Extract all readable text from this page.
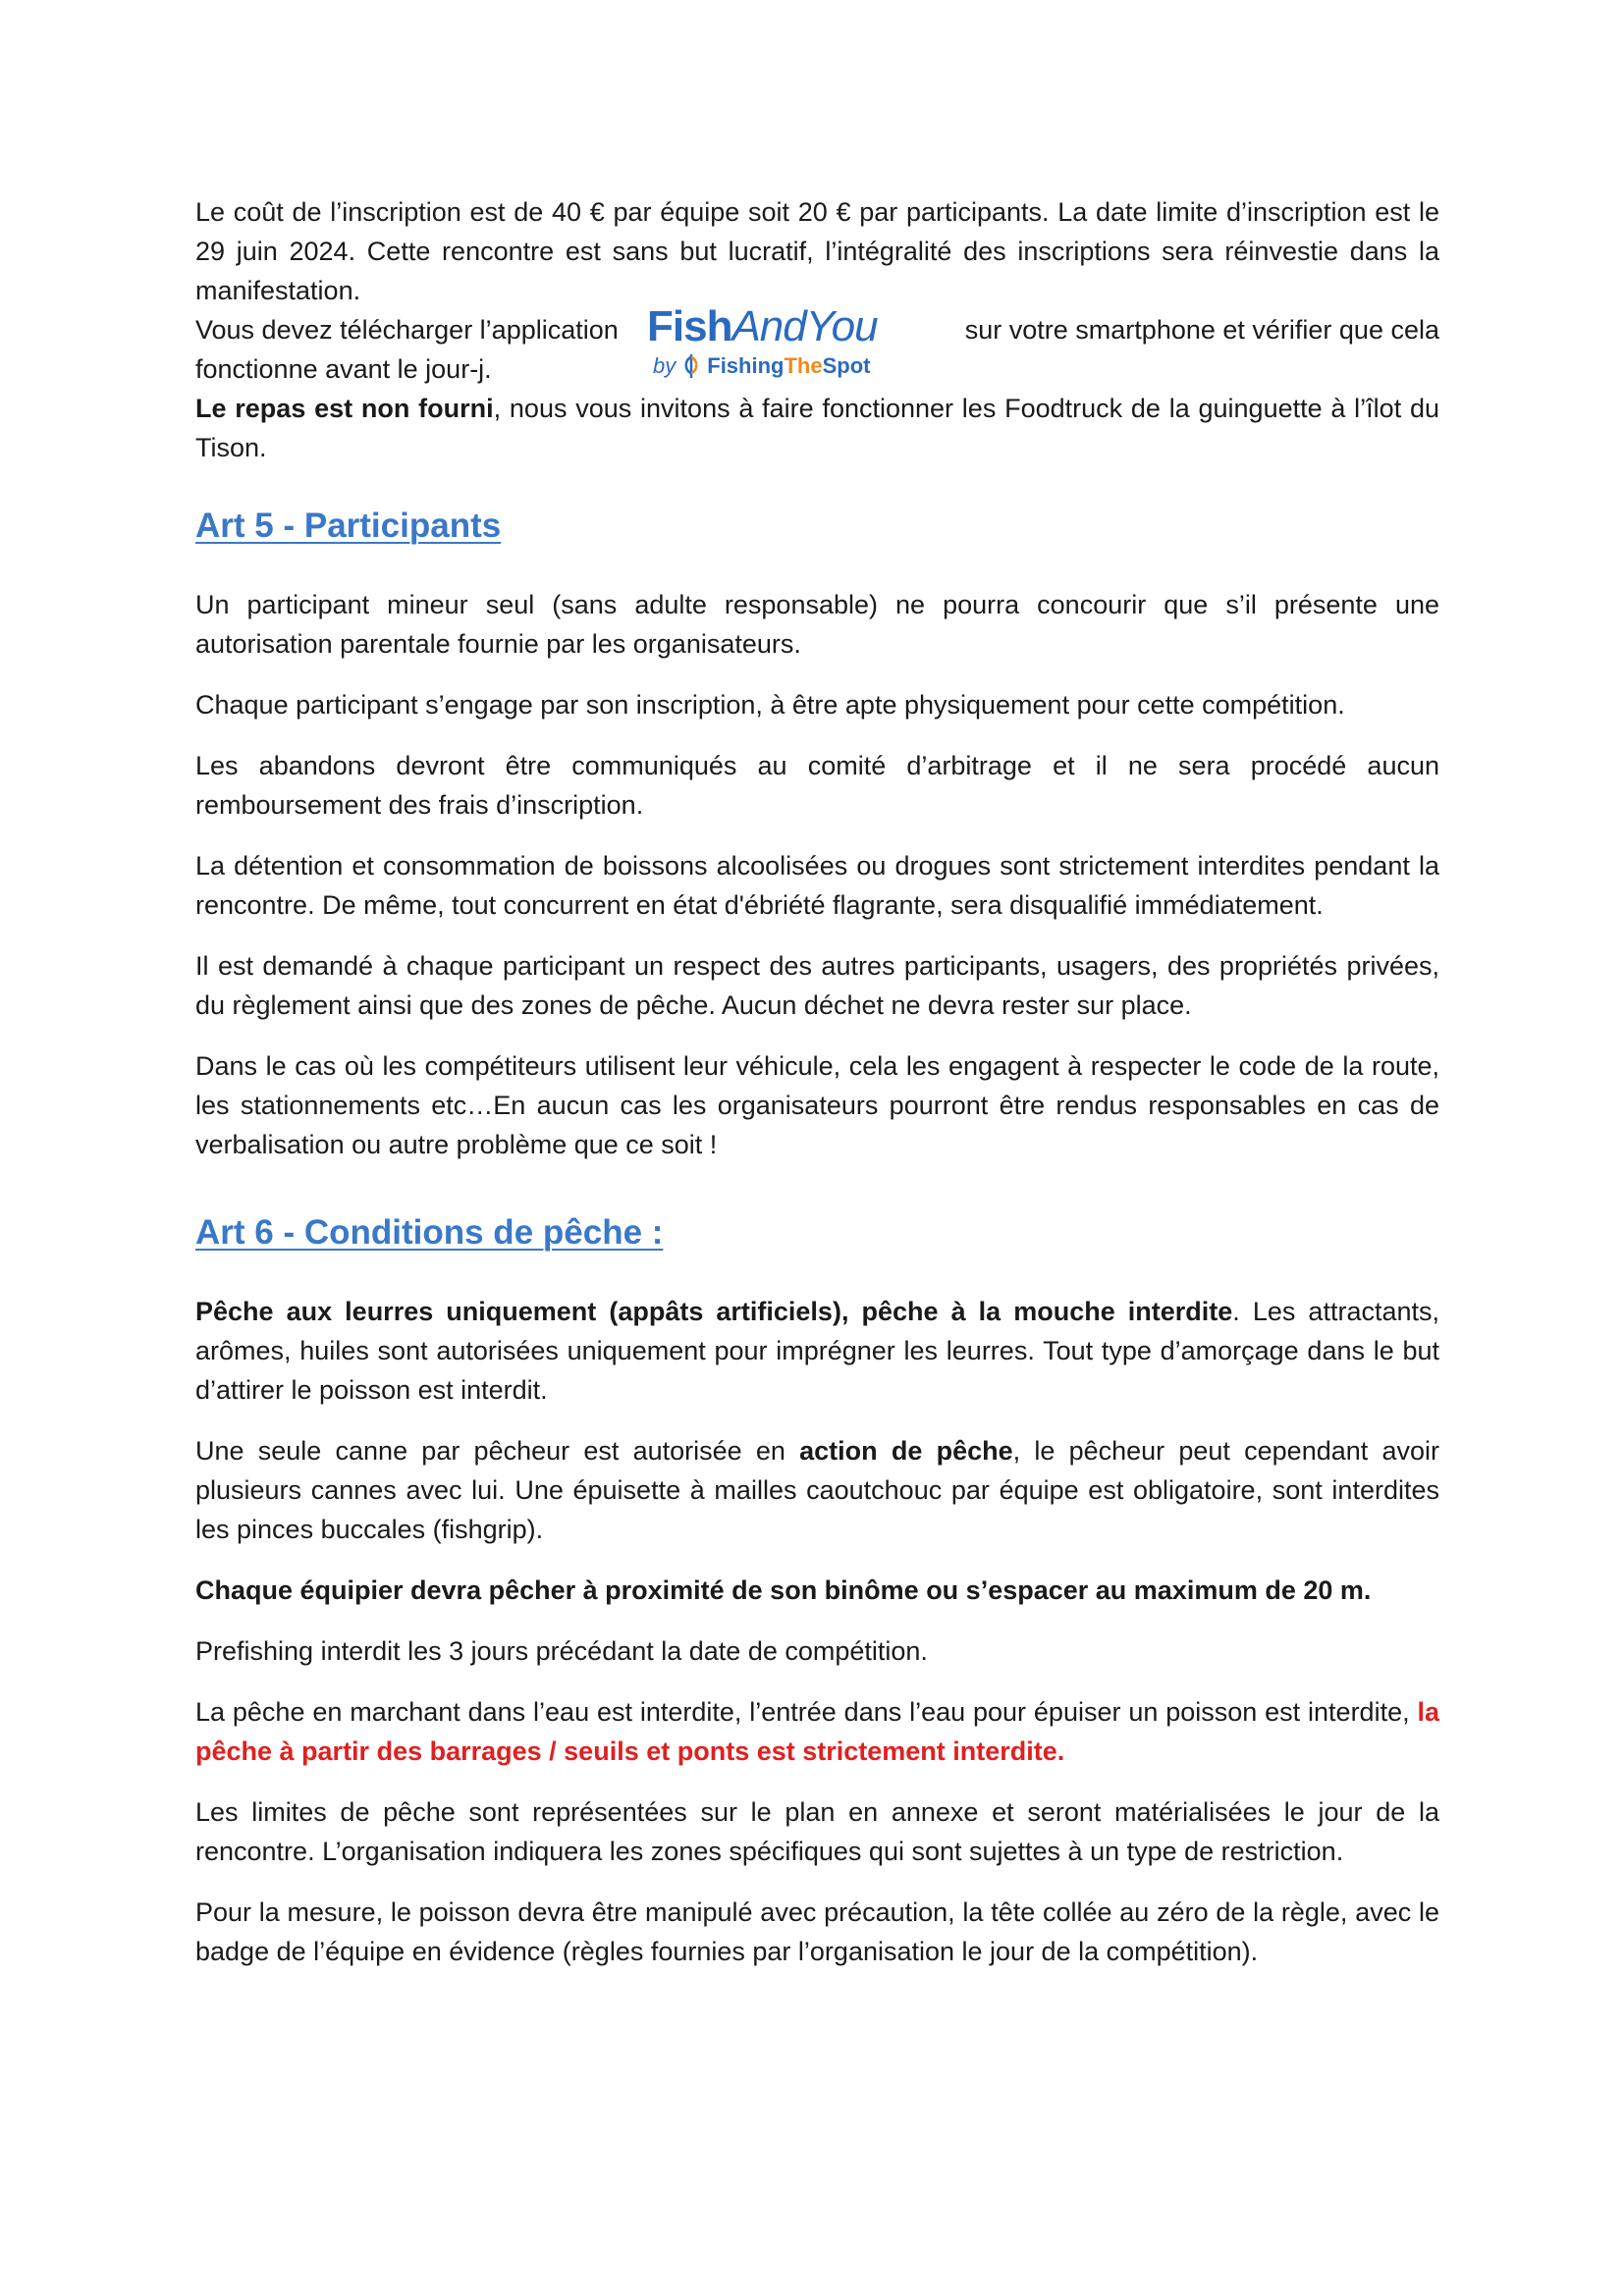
Le coût de l’inscription est de 40 € par équipe soit 20 € par participants. La date limite d’inscription est le 29 juin 2024. Cette rencontre est sans but lucratif, l’intégralité des inscriptions sera réinvestie dans la manifestation.

Vous devez télécharger l’application	sur votre smartphone et vérifier que cela
FishAndYou
by FishingTheSpot

fonctionne avant le jour-j.

Le repas est non fourni, nous vous invitons à faire fonctionner les Foodtruck de la guinguette à l’îlot du Tison.

Art 5 - Participants

Un participant mineur seul (sans adulte responsable) ne pourra concourir que s’il présente une autorisation parentale fournie par les organisateurs.

Chaque participant s’engage par son inscription, à être apte physiquement pour cette compétition.

Les abandons devront être communiqués au comité d’arbitrage et il ne sera procédé aucun remboursement des frais d’inscription.

La détention et consommation de boissons alcoolisées ou drogues sont strictement interdites pendant la rencontre. De même, tout concurrent en état d'ébriété flagrante, sera disqualifié immédiatement.

Il est demandé à chaque participant un respect des autres participants, usagers, des propriétés privées, du règlement ainsi que des zones de pêche. Aucun déchet ne devra rester sur place.

Dans le cas où les compétiteurs utilisent leur véhicule, cela les engagent à respecter le code de la route, les stationnements etc…En aucun cas les organisateurs pourront être rendus responsables en cas de verbalisation ou autre problème que ce soit !

Art 6 - Conditions de pêche :

Pêche aux leurres uniquement (appâts artificiels), pêche à la mouche interdite. Les attractants, arômes, huiles sont autorisées uniquement pour imprégner les leurres. Tout type d’amorçage dans le but d’attirer le poisson est interdit.

Une seule canne par pêcheur est autorisée en action de pêche, le pêcheur peut cependant avoir plusieurs cannes avec lui. Une épuisette à mailles caoutchouc par équipe est obligatoire, sont interdites les pinces buccales (fishgrip).

Chaque équipier devra pêcher à proximité de son binôme ou s’espacer au maximum de 20 m.

Prefishing interdit les 3 jours précédant la date de compétition.

La pêche en marchant dans l’eau est interdite, l’entrée dans l’eau pour épuiser un poisson est interdite, la pêche à partir des barrages / seuils et ponts est strictement interdite.

Les limites de pêche sont représentées sur le plan en annexe et seront matérialisées le jour de la rencontre. L’organisation indiquera les zones spécifiques qui sont sujettes à un type de restriction.

Pour la mesure, le poisson devra être manipulé avec précaution, la tête collée au zéro de la règle, avec le badge de l’équipe en évidence (règles fournies par l’organisation le jour de la compétition).
